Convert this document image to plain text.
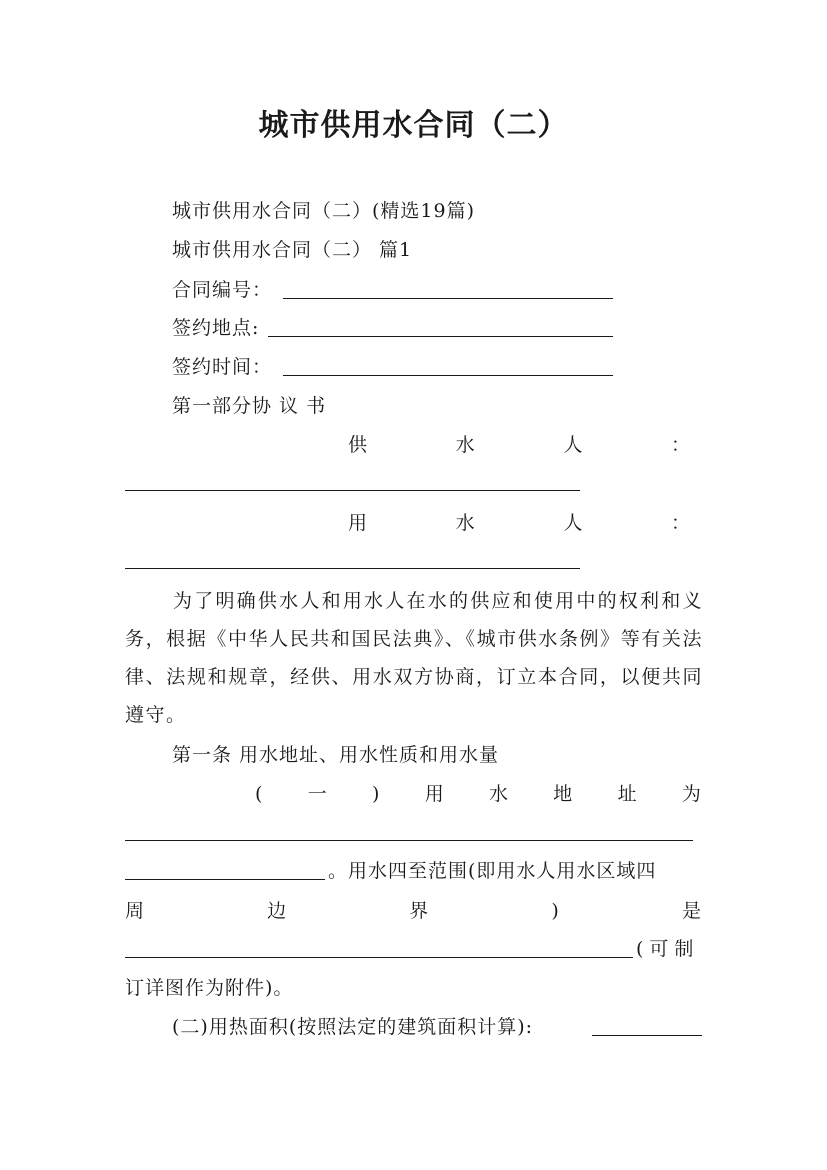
城市供用水合同（二）
城市供用水合同（二）(精选19篇)
城市供用水合同（二） 篇1
合同编号：
签约地点:
签约时间：
第一部分协 议 书
供	水	人	：
用	水	人	：
为了明确供水人和用水人在水的供应和使用中的权利和义务，根据《中华人民共和国民法典》、《城市供水条例》等有关法律、法规和规章，经供、用水双方协商，订立本合同，以便共同遵守。
第一条 用水地址、用水性质和用水量
( 一 ) 用 水 地 址 为
。用水四至范围(即用水人用水区域四
周	边	界	)	是
(可制
订详图作为附件)。
(二)用热面积(按照法定的建筑面积计算):
